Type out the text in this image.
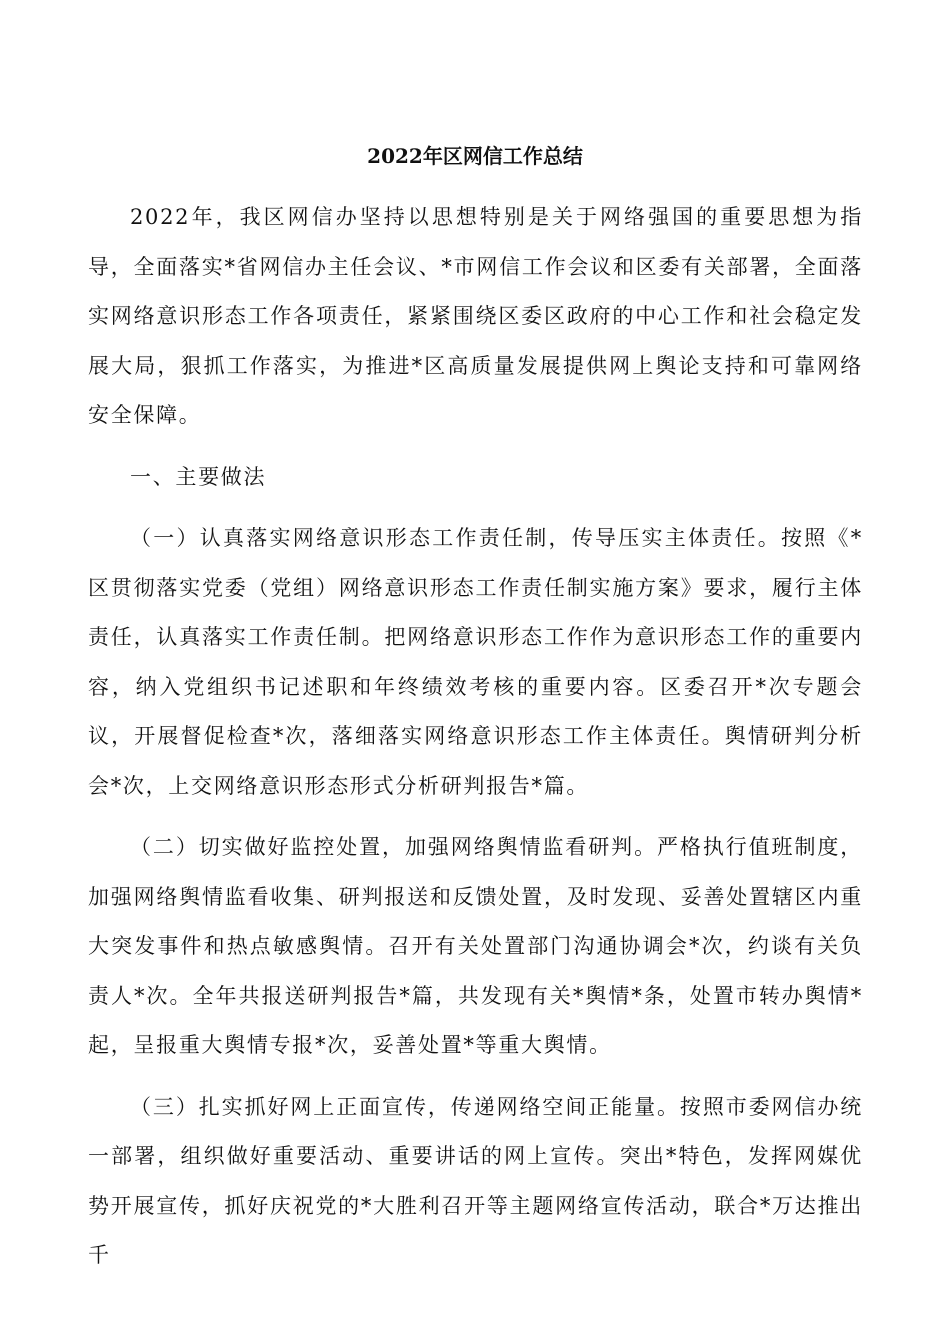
2022年区网信工作总结

2022年，我区网信办坚持以思想特别是关于网络强国的重要思想为指导，全面落实*省网信办主任会议、*市网信工作会议和区委有关部署，全面落实网络意识形态工作各项责任，紧紧围绕区委区政府的中心工作和社会稳定发展大局，狠抓工作落实，为推进*区高质量发展提供网上舆论支持和可靠网络安全保障。

一、主要做法

（一）认真落实网络意识形态工作责任制，传导压实主体责任。按照《*区贯彻落实党委（党组）网络意识形态工作责任制实施方案》要求，履行主体责任，认真落实工作责任制。把网络意识形态工作作为意识形态工作的重要内容，纳入党组织书记述职和年终绩效考核的重要内容。区委召开*次专题会议，开展督促检查*次，落细落实网络意识形态工作主体责任。舆情研判分析会*次，上交网络意识形态形式分析研判报告*篇。

（二）切实做好监控处置，加强网络舆情监看研判。严格执行值班制度，加强网络舆情监看收集、研判报送和反馈处置，及时发现、妥善处置辖区内重大突发事件和热点敏感舆情。召开有关处置部门沟通协调会*次，约谈有关负责人*次。全年共报送研判报告*篇，共发现有关*舆情*条，处置市转办舆情*起，呈报重大舆情专报*次，妥善处置*等重大舆情。

（三）扎实抓好网上正面宣传，传递网络空间正能量。按照市委网信办统一部署，组织做好重要活动、重要讲话的网上宣传。突出*特色，发挥网媒优势开展宣传，抓好庆祝党的*大胜利召开等主题网络宣传活动，联合*万达推出千
